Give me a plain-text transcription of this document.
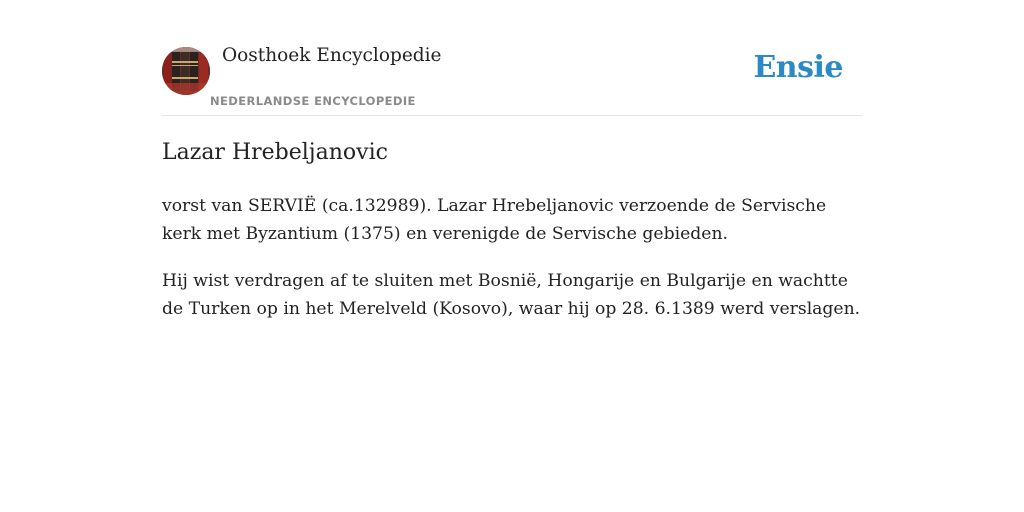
Oosthoek Encyclopedie
NEDERLANDSE ENCYCLOPEDIE
Ensie
Lazar Hrebeljanovic

vorst van SERVIË (ca.132989). Lazar Hrebeljanovic verzoende de Servische kerk met Byzantium (1375) en verenigde de Servische gebieden.

Hij wist verdragen af te sluiten met Bosnië, Hongarije en Bulgarije en wachtte de Turken op in het Merelveld (Kosovo), waar hij op 28. 6.1389 werd verslagen.
